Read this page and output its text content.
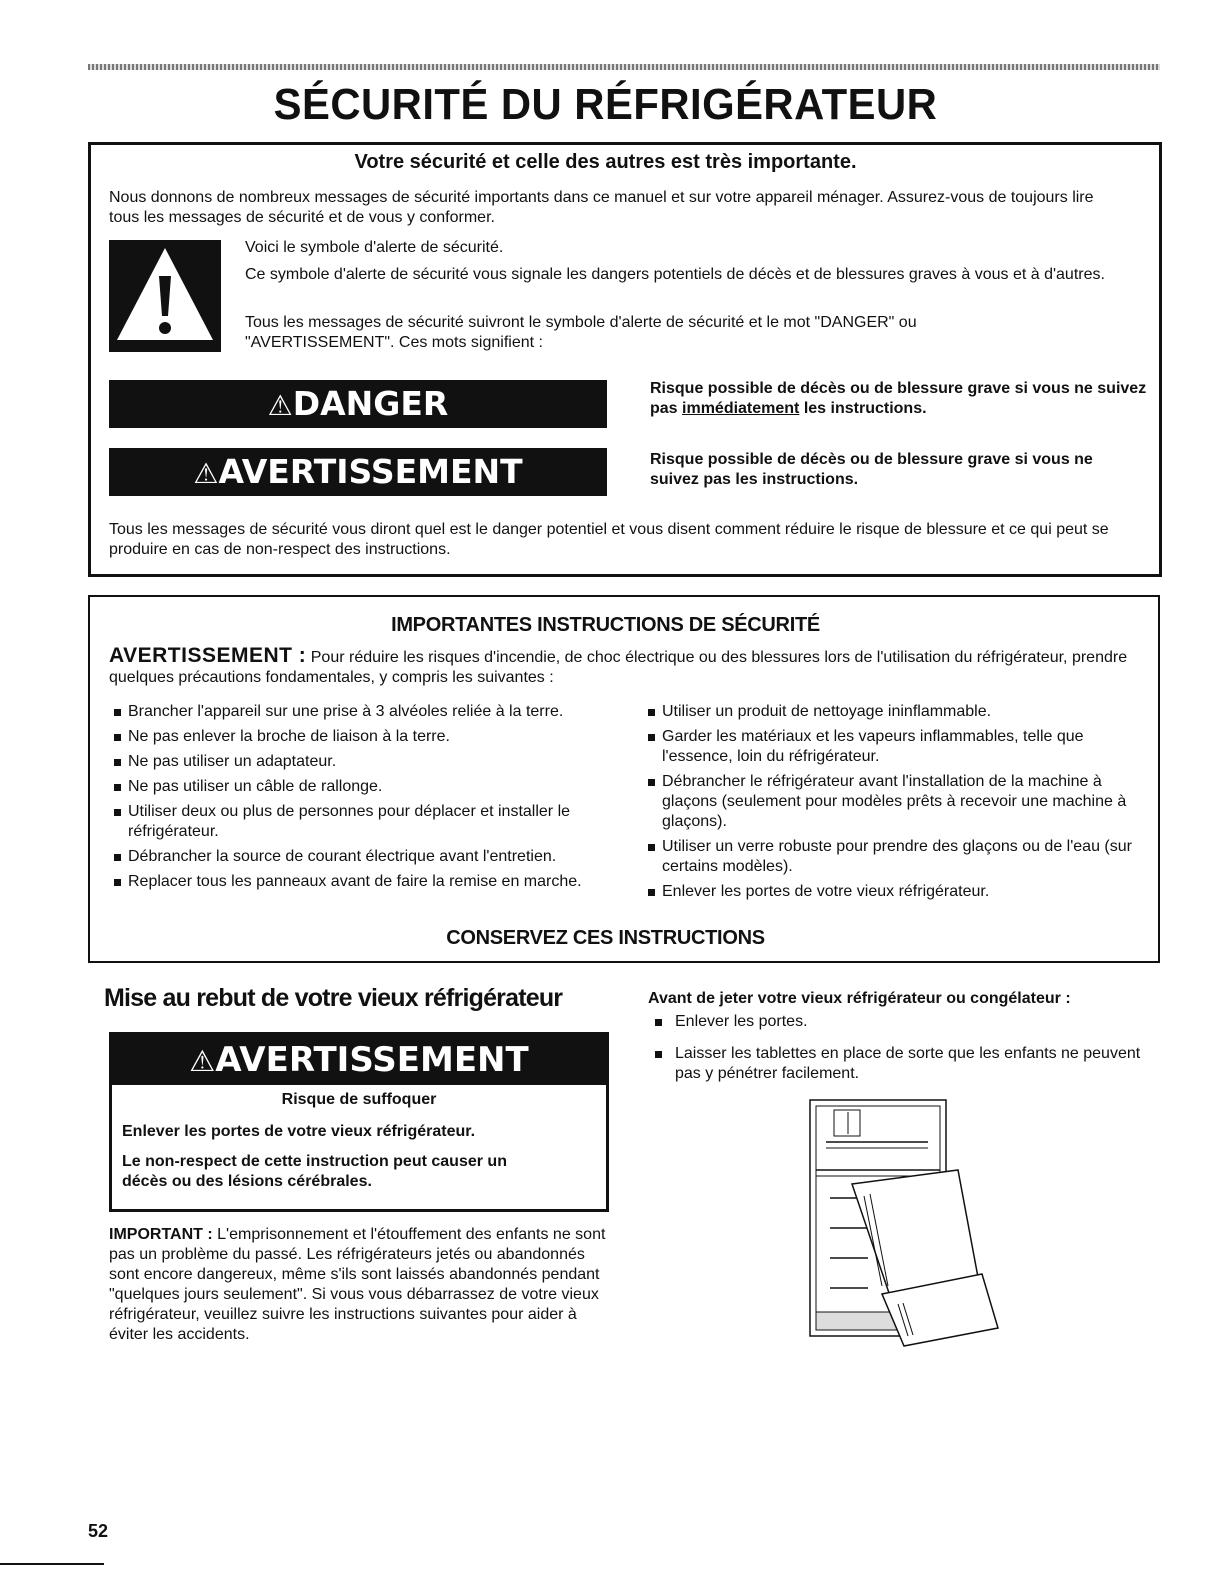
SÉCURITÉ DU RÉFRIGÉRATEUR
Votre sécurité et celle des autres est très importante.
Nous donnons de nombreux messages de sécurité importants dans ce manuel et sur votre appareil ménager. Assurez-vous de toujours lire tous les messages de sécurité et de vous y conformer.
Voici le symbole d'alerte de sécurité.
Ce symbole d'alerte de sécurité vous signale les dangers potentiels de décès et de blessures graves à vous et à d'autres.
Tous les messages de sécurité suivront le symbole d'alerte de sécurité et le mot "DANGER" ou "AVERTISSEMENT". Ces mots signifient :
⚠DANGER	Risque possible de décès ou de blessure grave si vous ne suivez pas immédiatement les instructions.
⚠AVERTISSEMENT	Risque possible de décès ou de blessure grave si vous ne suivez pas les instructions.
Tous les messages de sécurité vous diront quel est le danger potentiel et vous disent comment réduire le risque de blessure et ce qui peut se produire en cas de non-respect des instructions.
IMPORTANTES INSTRUCTIONS DE SÉCURITÉ
AVERTISSEMENT : Pour réduire les risques d'incendie, de choc électrique ou des blessures lors de l'utilisation du réfrigérateur, prendre quelques précautions fondamentales, y compris les suivantes :
Brancher l'appareil sur une prise à 3 alvéoles reliée à la terre.
Ne pas enlever la broche de liaison à la terre.
Ne pas utiliser un adaptateur.
Ne pas utiliser un câble de rallonge.
Utiliser deux ou plus de personnes pour déplacer et installer le réfrigérateur.
Débrancher la source de courant électrique avant l'entretien.
Replacer tous les panneaux avant de faire la remise en marche.
Utiliser un produit de nettoyage ininflammable.
Garder les matériaux et les vapeurs inflammables, telle que l'essence, loin du réfrigérateur.
Débrancher le réfrigérateur avant l'installation de la machine à glaçons (seulement pour modèles prêts à recevoir une machine à glaçons).
Utiliser un verre robuste pour prendre des glaçons ou de l'eau (sur certains modèles).
Enlever les portes de votre vieux réfrigérateur.
CONSERVEZ CES INSTRUCTIONS
Mise au rebut de votre vieux réfrigérateur
⚠AVERTISSEMENT
Risque de suffoquer
Enlever les portes de votre vieux réfrigérateur.
Le non-respect de cette instruction peut causer un décès ou des lésions cérébrales.
IMPORTANT : L'emprisonnement et l'étouffement des enfants ne sont pas un problème du passé. Les réfrigérateurs jetés ou abandonnés sont encore dangereux, même s'ils sont laissés abandonnés pendant "quelques jours seulement". Si vous vous débarrassez de votre vieux réfrigérateur, veuillez suivre les instructions suivantes pour aider à éviter les accidents.
Avant de jeter votre vieux réfrigérateur ou congélateur :
Enlever les portes.
Laisser les tablettes en place de sorte que les enfants ne peuvent pas y pénétrer facilement.
52
